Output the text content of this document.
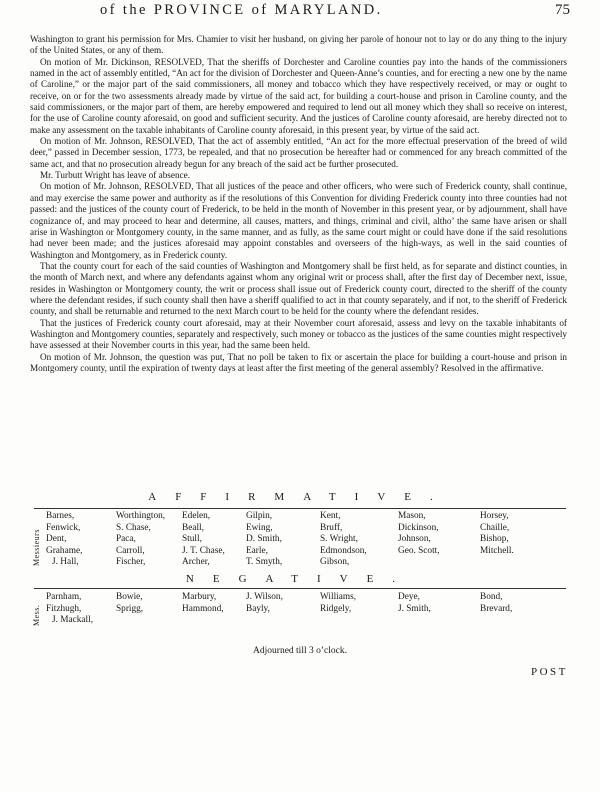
of the PROVINCE of MARYLAND.	75

Washington to grant his permission for Mrs. Chamier to visit her husband, on giving her parole of honour not to lay or do any thing to the injury of the United States, or any of them.

On motion of Mr. Dickinson, RESOLVED, That the sheriffs of Dorchester and Caroline counties pay into the hands of the commissioners named in the act of assembly entitled, “An act for the division of Dorchester and Queen-Anne’s counties, and for erecting a new one by the name of Caroline,” or the major part of the said commissioners, all money and tobacco which they have respectively received, or may or ought to receive, on or for the two assessments already made by virtue of the said act, for building a court-house and prison in Caroline county, and the said commissioners, or the major part of them, are hereby empowered and required to lend out all money which they shall so receive on interest, for the use of Caroline county aforesaid, on good and sufficient security. And the justices of Caroline county aforesaid, are hereby directed not to make any assessment on the taxable inhabitants of Caroline county aforesaid, in this present year, by virtue of the said act.

On motion of Mr. Johnson, RESOLVED, That the act of assembly entitled, “An act for the more effectual preservation of the breed of wild deer,” passed in December session, 1773, be repealed, and that no prosecution be hereafter had or commenced for any breach committed of the same act, and that no prosecution already begun for any breach of the said act be further prosecuted.

Mr. Turbutt Wright has leave of absence.

On motion of Mr. Johnson, RESOLVED, That all justices of the peace and other officers, who were such of Frederick county, shall continue, and may exercise the same power and authority as if the resolutions of this Convention for dividing Frederick county into three counties had not passed: and the justices of the county court of Frederick, to be held in the month of November in this present year, or by adjournment, shall have cognizance of, and may proceed to hear and determine, all causes, matters, and things, criminal and civil, altho’ the same have arisen or shall arise in Washington or Montgomery county, in the same manner, and as fully, as the same court might or could have done if the said resolutions had never been made; and the justices aforesaid may appoint constables and overseers of the high-ways, as well in the said counties of Washington and Montgomery, as in Frederick county.

That the county court for each of the said counties of Washington and Montgomery shall be first held, as for separate and distinct counties, in the month of March next, and where any defendants against whom any original writ or process shall, after the first day of December next, issue, resides in Washington or Montgomery county, the writ or process shall issue out of Frederick county court, directed to the sheriff of the county where the defendant resides, if such county shall then have a sheriff qualified to act in that county separately, and if not, to the sheriff of Frederick county, and shall be returnable and returned to the next March court to be held for the county where the defendant resides.

That the justices of Frederick county court aforesaid, may at their November court aforesaid, assess and levy on the taxable inhabitants of Washington and Montgomery counties, separately and respectively, such money or tobacco as the justices of the same counties might respectively have assessed at their November courts in this year, had the same been held.

On motion of Mr. Johnson, the question was put, That no poll be taken to fix or ascertain the place for building a court-house and prison in Montgomery county, until the expiration of twenty days at least after the first meeting of the general assembly? Resolved in the affirmative.

AFFIRMATIVE.
Messieurs
Barnes,
Fenwick,
Dent,
Grahame,
J. Hall,
Worthington,
S. Chase,
Paca,
Carroll,
Fischer,
Edelen,
Beall,
Stull,
J. T. Chase,
Archer,
Gilpin,
Ewing,
D. Smith,
Earle,
T. Smyth,
Kent,
Bruff,
S. Wright,
Edmondson,
Gibson,
Mason,
Dickinson,
Johnson,
Geo. Scott,
Horsey,
Chaille,
Bishop,
Mitchell.
NEGATIVE.
Mess.
Parnham,
Fitzhugh,
J. Mackall,
Bowie,
Sprigg,
Marbury,
Hammond,
J. Wilson,
Bayly,
Williams,
Ridgely,
Deye,
J. Smith,
Bond,
Brevard,
Adjourned till 3 o’clock.
POST
